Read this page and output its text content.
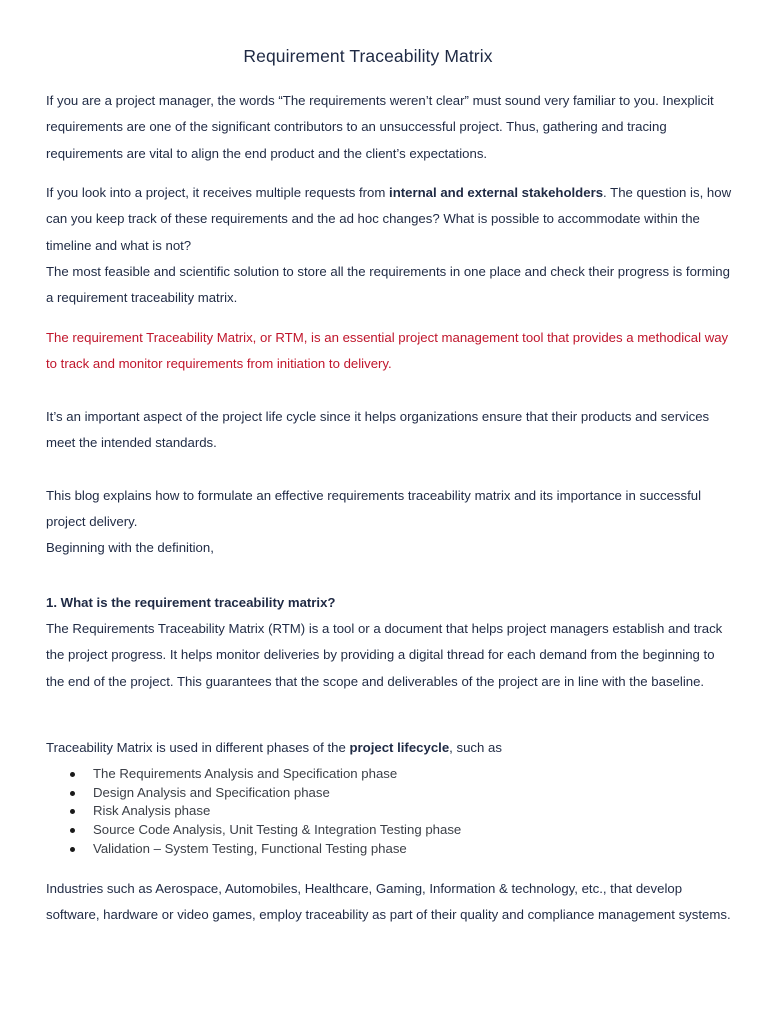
Requirement Traceability Matrix

If you are a project manager, the words “The requirements weren’t clear” must sound very familiar to you. Inexplicit requirements are one of the significant contributors to an unsuccessful project. Thus, gathering and tracing requirements are vital to align the end product and the client’s expectations.

If you look into a project, it receives multiple requests from internal and external stakeholders. The question is, how can you keep track of these requirements and the ad hoc changes? What is possible to accommodate within the timeline and what is not?

The most feasible and scientific solution to store all the requirements in one place and check their progress is forming a requirement traceability matrix.

The requirement Traceability Matrix, or RTM, is an essential project management tool that provides a methodical way to track and monitor requirements from initiation to delivery.

It’s an important aspect of the project life cycle since it helps organizations ensure that their products and services meet the intended standards.

This blog explains how to formulate an effective requirements traceability matrix and its importance in successful project delivery.

Beginning with the definition,

1. What is the requirement traceability matrix?

The Requirements Traceability Matrix (RTM) is a tool or a document that helps project managers establish and track the project progress. It helps monitor deliveries by providing a digital thread for each demand from the beginning to the end of the project. This guarantees that the scope and deliverables of the project are in line with the baseline.

Traceability Matrix is used in different phases of the project lifecycle, such as

The Requirements Analysis and Specification phase
Design Analysis and Specification phase
Risk Analysis phase
Source Code Analysis, Unit Testing & Integration Testing phase
Validation – System Testing, Functional Testing phase

Industries such as Aerospace, Automobiles, Healthcare, Gaming, Information & technology, etc., that develop software, hardware or video games, employ traceability as part of their quality and compliance management systems.
